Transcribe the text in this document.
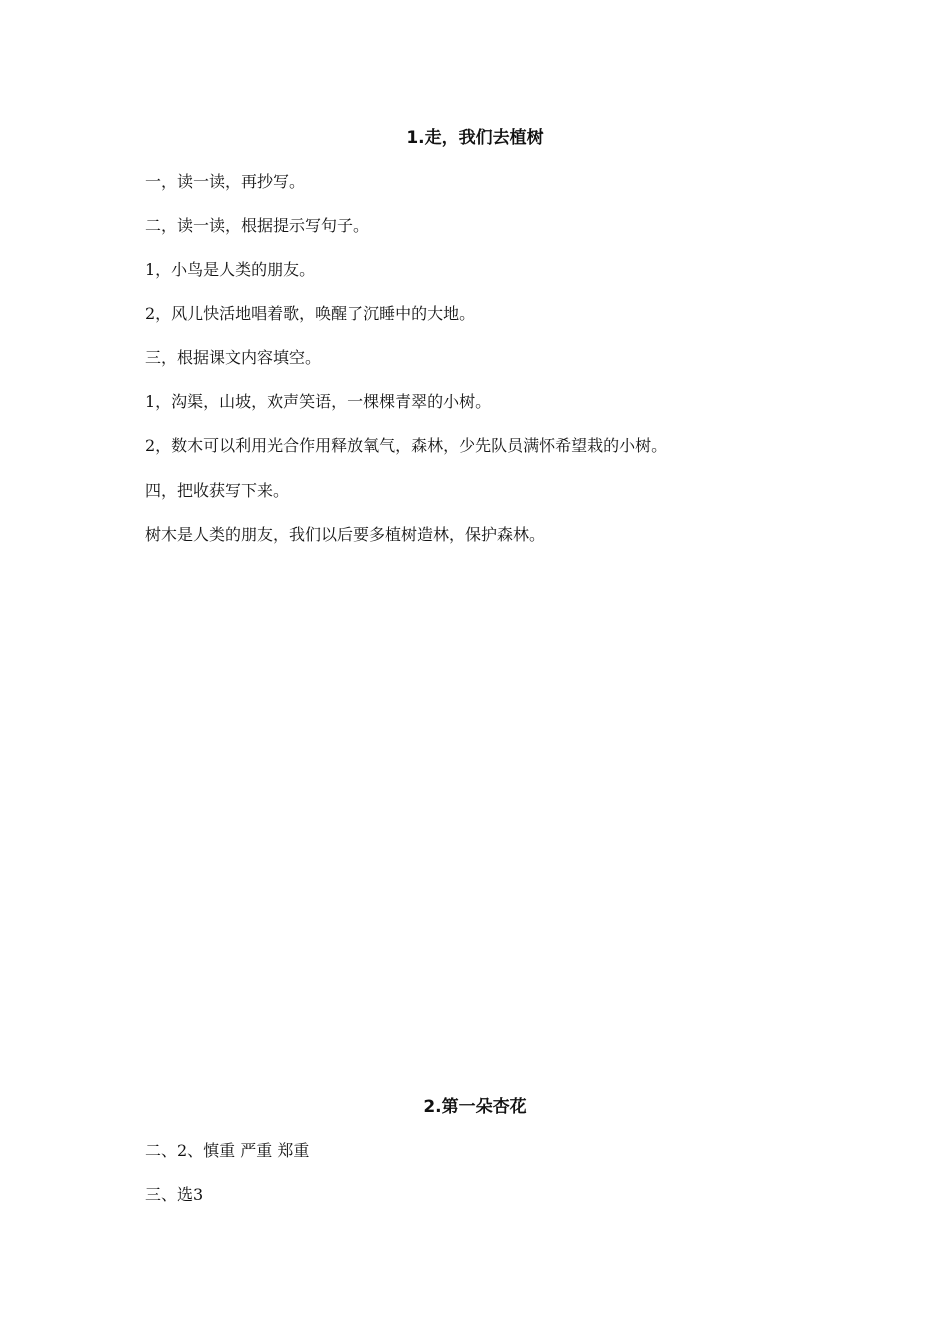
1.走，我们去植树
一，读一读，再抄写。
二，读一读，根据提示写句子。
1，小鸟是人类的朋友。
2，风儿快活地唱着歌，唤醒了沉睡中的大地。
三，根据课文内容填空。
1，沟渠，山坡，欢声笑语，一棵棵青翠的小树。
2，数木可以利用光合作用释放氧气，森林，少先队员满怀希望栽的小树。
四，把收获写下来。
树木是人类的朋友，我们以后要多植树造林，保护森林。
2.第一朵杏花
二、2、慎重 严重 郑重
三、选3
